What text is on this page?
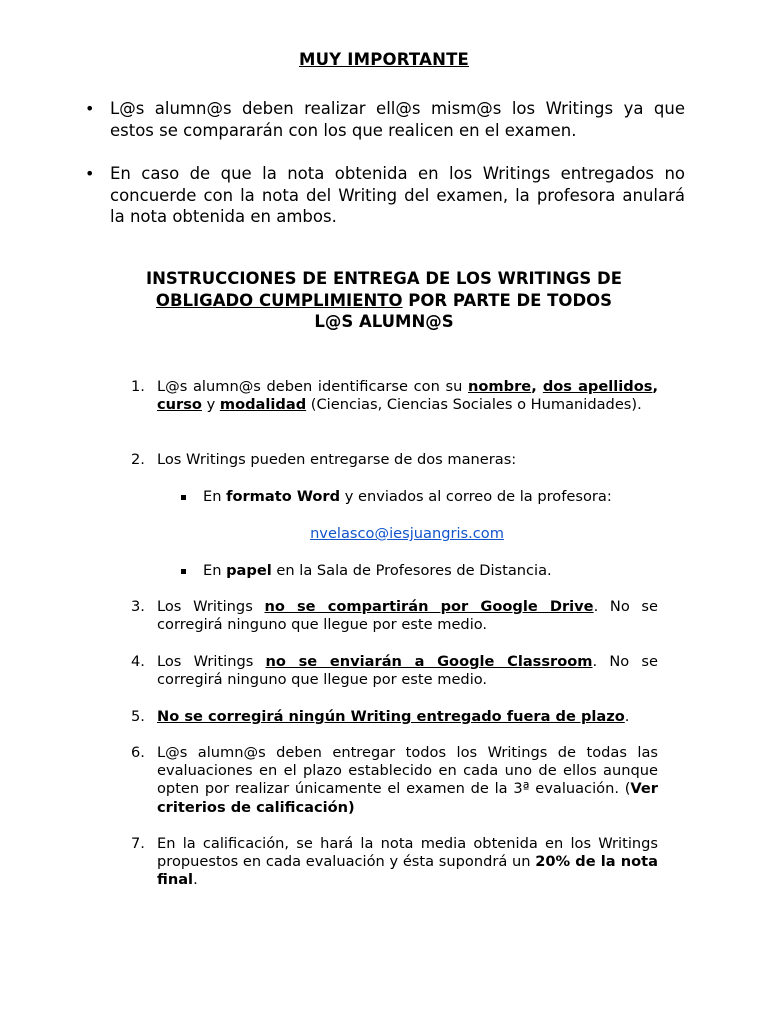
MUY IMPORTANTE
• L@s alumn@s deben realizar ell@s mism@s los Writings ya que estos se compararán con los que realicen en el examen.
• En caso de que la nota obtenida en los Writings entregados no concuerde con la nota del Writing del examen, la profesora anulará la nota obtenida en ambos.
INSTRUCCIONES DE ENTREGA DE LOS WRITINGS DE
OBLIGADO CUMPLIMIENTO POR PARTE DE TODOS
L@S ALUMN@S
1. L@s alumn@s deben identificarse con su nombre, dos apellidos, curso y modalidad (Ciencias, Ciencias Sociales o Humanidades).
2. Los Writings pueden entregarse de dos maneras:
En formato Word y enviados al correo de la profesora:
nvelasco@iesjuangris.com
En papel en la Sala de Profesores de Distancia.
3. Los Writings no se compartirán por Google Drive. No se corregirá ninguno que llegue por este medio.
4. Los Writings no se enviarán a Google Classroom. No se corregirá ninguno que llegue por este medio.
5. No se corregirá ningún Writing entregado fuera de plazo.
6. L@s alumn@s deben entregar todos los Writings de todas las evaluaciones en el plazo establecido en cada uno de ellos aunque opten por realizar únicamente el examen de la 3ª evaluación. (Ver criterios de calificación)
7. En la calificación, se hará la nota media obtenida en los Writings propuestos en cada evaluación y ésta supondrá un 20% de la nota final.
